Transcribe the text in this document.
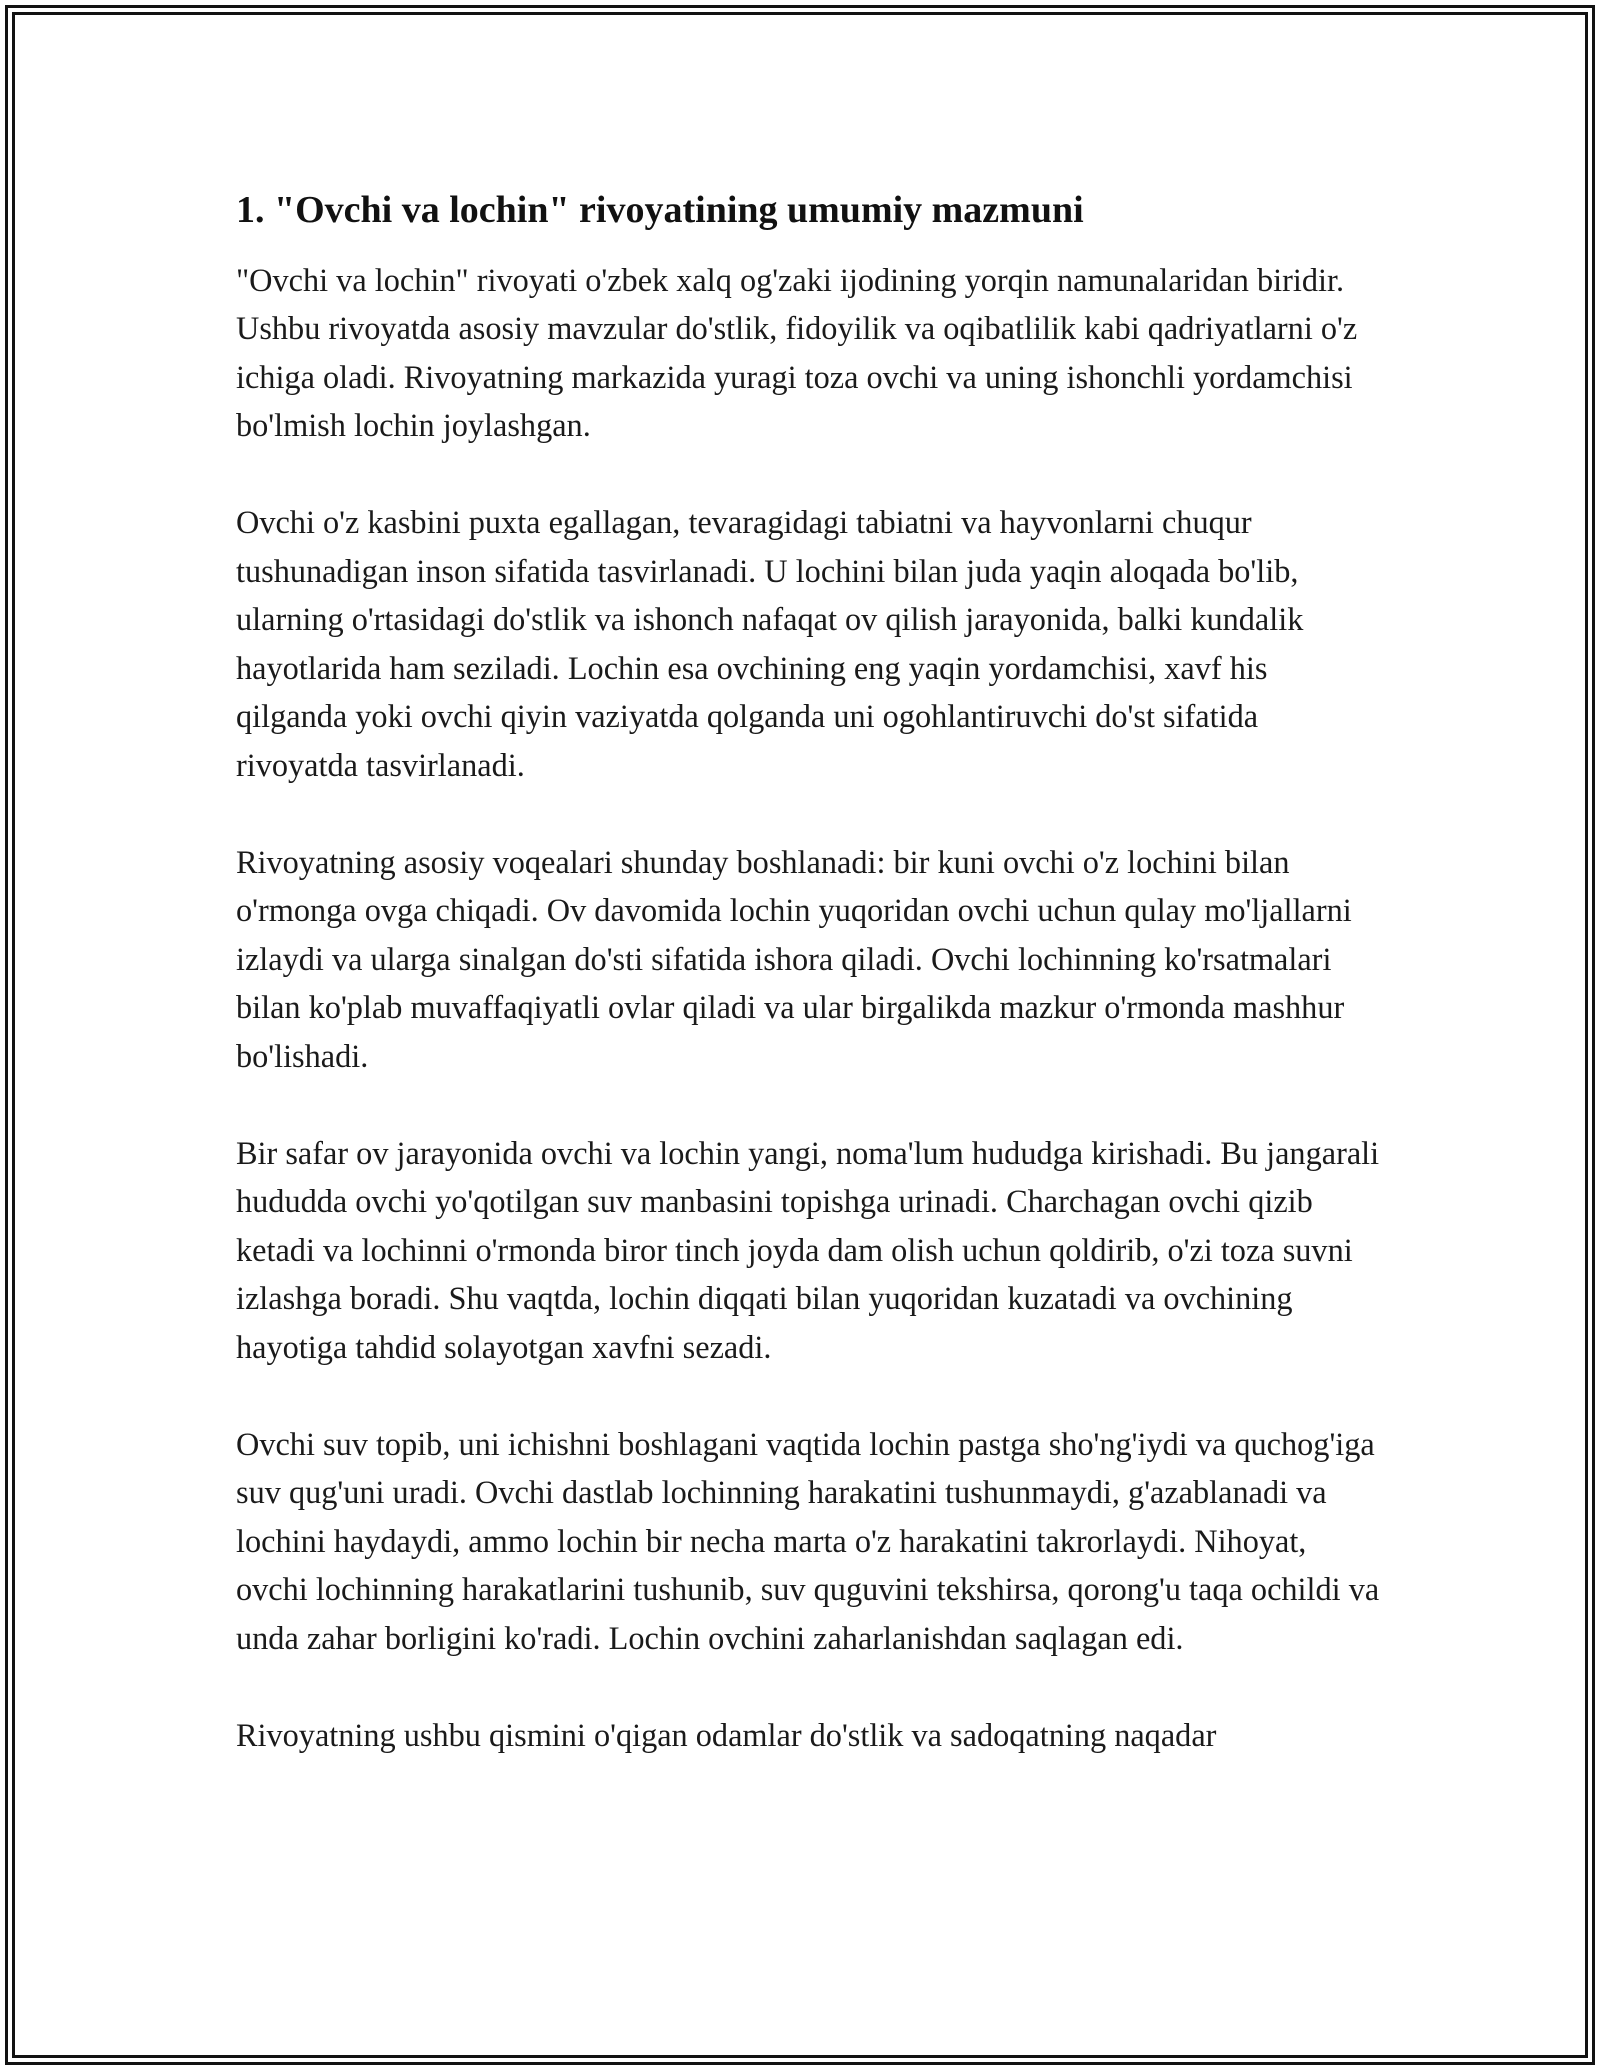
1. "Ovchi va lochin" rivoyatining umumiy mazmuni

"Ovchi va lochin" rivoyati o'zbek xalq og'zaki ijodining yorqin namunalaridan biridir. Ushbu rivoyatda asosiy mavzular do'stlik, fidoyilik va oqibatlilik kabi qadriyatlarni o'z ichiga oladi. Rivoyatning markazida yuragi toza ovchi va uning ishonchli yordamchisi bo'lmish lochin joylashgan.

Ovchi o'z kasbini puxta egallagan, tevaragidagi tabiatni va hayvonlarni chuqur tushunadigan inson sifatida tasvirlanadi. U lochini bilan juda yaqin aloqada bo'lib, ularning o'rtasidagi do'stlik va ishonch nafaqat ov qilish jarayonida, balki kundalik hayotlarida ham seziladi. Lochin esa ovchining eng yaqin yordamchisi, xavf his qilganda yoki ovchi qiyin vaziyatda qolganda uni ogohlantiruvchi do'st sifatida rivoyatda tasvirlanadi.

Rivoyatning asosiy voqealari shunday boshlanadi: bir kuni ovchi o'z lochini bilan o'rmonga ovga chiqadi. Ov davomida lochin yuqoridan ovchi uchun qulay mo'ljallarni izlaydi va ularga sinalgan do'sti sifatida ishora qiladi. Ovchi lochinning ko'rsatmalari bilan ko'plab muvaffaqiyatli ovlar qiladi va ular birgalikda mazkur o'rmonda mashhur bo'lishadi.

Bir safar ov jarayonida ovchi va lochin yangi, noma'lum hududga kirishadi. Bu jangarali hududda ovchi yo'qotilgan suv manbasini topishga urinadi. Charchagan ovchi qizib ketadi va lochinni o'rmonda biror tinch joyda dam olish uchun qoldirib, o'zi toza suvni izlashga boradi. Shu vaqtda, lochin diqqati bilan yuqoridan kuzatadi va ovchining hayotiga tahdid solayotgan xavfni sezadi.

Ovchi suv topib, uni ichishni boshlagani vaqtida lochin pastga sho'ng'iydi va quchog'iga suv qug'uni uradi. Ovchi dastlab lochinning harakatini tushunmaydi, g'azablanadi va lochini haydaydi, ammo lochin bir necha marta o'z harakatini takrorlaydi. Nihoyat, ovchi lochinning harakatlarini tushunib, suv quguvini tekshirsa, qorong'u taqa ochildi va unda zahar borligini ko'radi. Lochin ovchini zaharlanishdan saqlagan edi.

Rivoyatning ushbu qismini o'qigan odamlar do'stlik va sadoqatning naqadar
